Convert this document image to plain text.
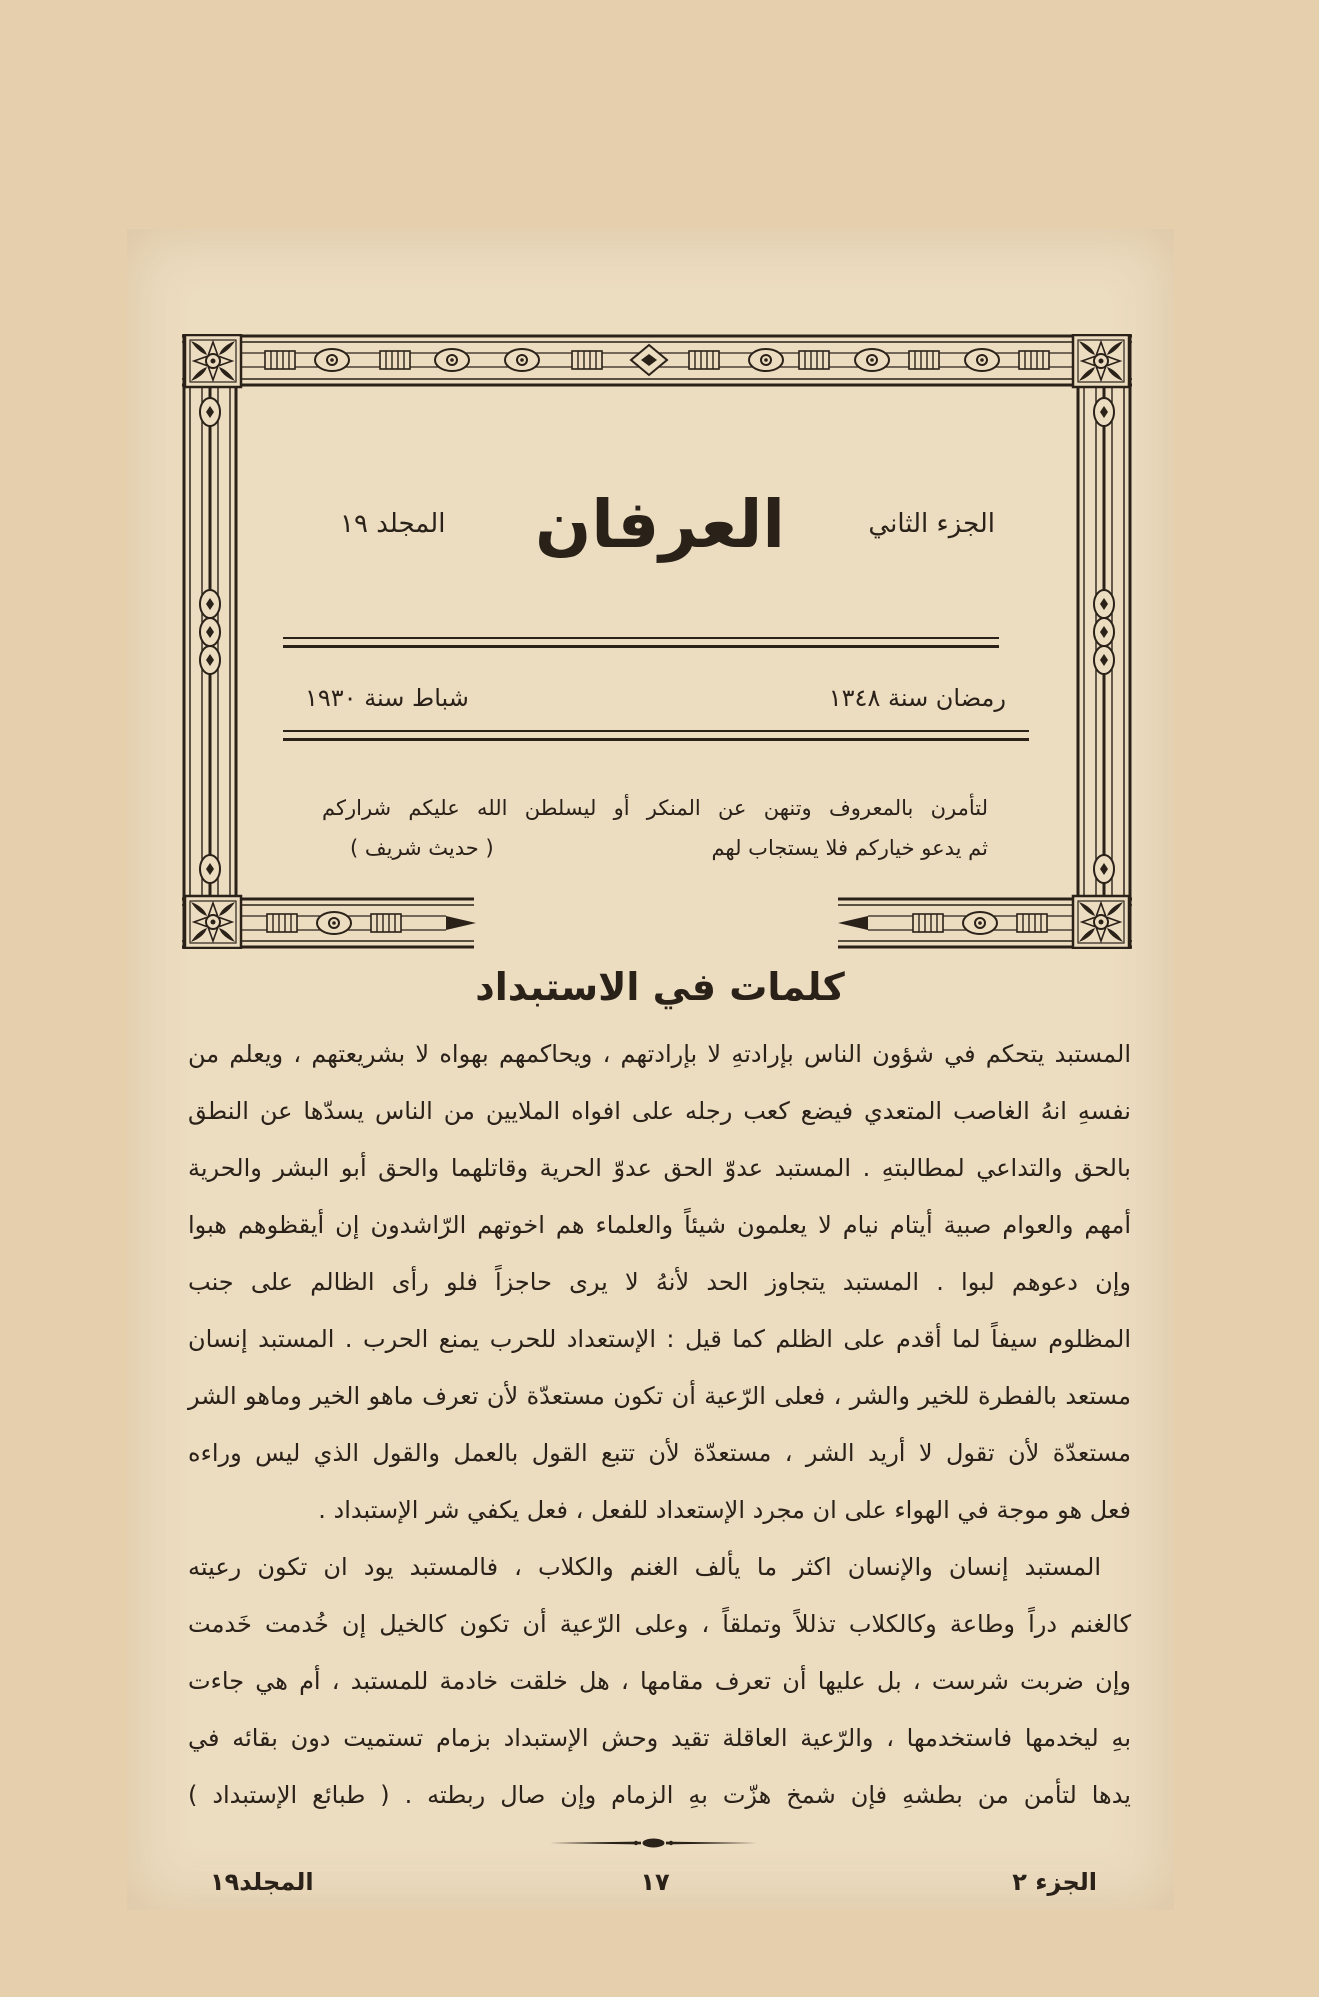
العرفان	الجزء الثاني
المجلد ١٩
رمضان سنة ١٣٤٨
شباط سنة ١٩٣٠
لتأمرن بالمعروف وتنهن عن المنكر أو ليسلطن الله عليكم شراركم
ثم يدعو خياركم فلا يستجاب لهم
( حديث شريف )
كلمات في الاستبداد
المستبد يتحكم في شؤون الناس بإرادتهِ لا بإرادتهم ، ويحاكمهم بهواه لا بشريعتهم ، ويعلم من
نفسهِ انهُ الغاصب المتعدي فيضع كعب رجله على افواه الملايين من الناس يسدّها عن النطق
بالحق والتداعي لمطالبتهِ . المستبد عدوّ الحق عدوّ الحرية وقاتلهما والحق أبو البشر والحرية
أمهم والعوام صبية أيتام نيام لا يعلمون شيئاً والعلماء هم اخوتهم الرّاشدون إن أيقظوهم هبوا
وإن دعوهم لبوا . المستبد يتجاوز الحد لأنهُ لا يرى حاجزاً فلو رأى الظالم على جنب
المظلوم سيفاً لما أقدم على الظلم كما قيل : الإستعداد للحرب يمنع الحرب . المستبد إنسان
مستعد بالفطرة للخير والشر ، فعلى الرّعية أن تكون مستعدّة لأن تعرف ماهو الخير وماهو الشر
مستعدّة لأن تقول لا أريد الشر ، مستعدّة لأن تتبع القول بالعمل والقول الذي ليس وراءه
فعل هو موجة في الهواء على ان مجرد الإستعداد للفعل ، فعل يكفي شر الإستبداد .
المستبد إنسان والإنسان اكثر ما يألف الغنم والكلاب ، فالمستبد يود ان تكون رعيته
كالغنم دراً وطاعة وكالكلاب تذللاً وتملقاً ، وعلى الرّعية أن تكون كالخيل إن خُدمت خَدمت
وإن ضربت شرست ، بل عليها أن تعرف مقامها ، هل خلقت خادمة للمستبد ، أم هي جاءت
بهِ ليخدمها فاستخدمها ، والرّعية العاقلة تقيد وحش الإستبداد بزمام تستميت دون بقائه في
يدها لتأمن من بطشهِ فإن شمخ هزّت بهِ الزمام وإن صال ربطته . ( طبائع الإستبداد )
الجزء ٢
١٧
المجلد١٩
